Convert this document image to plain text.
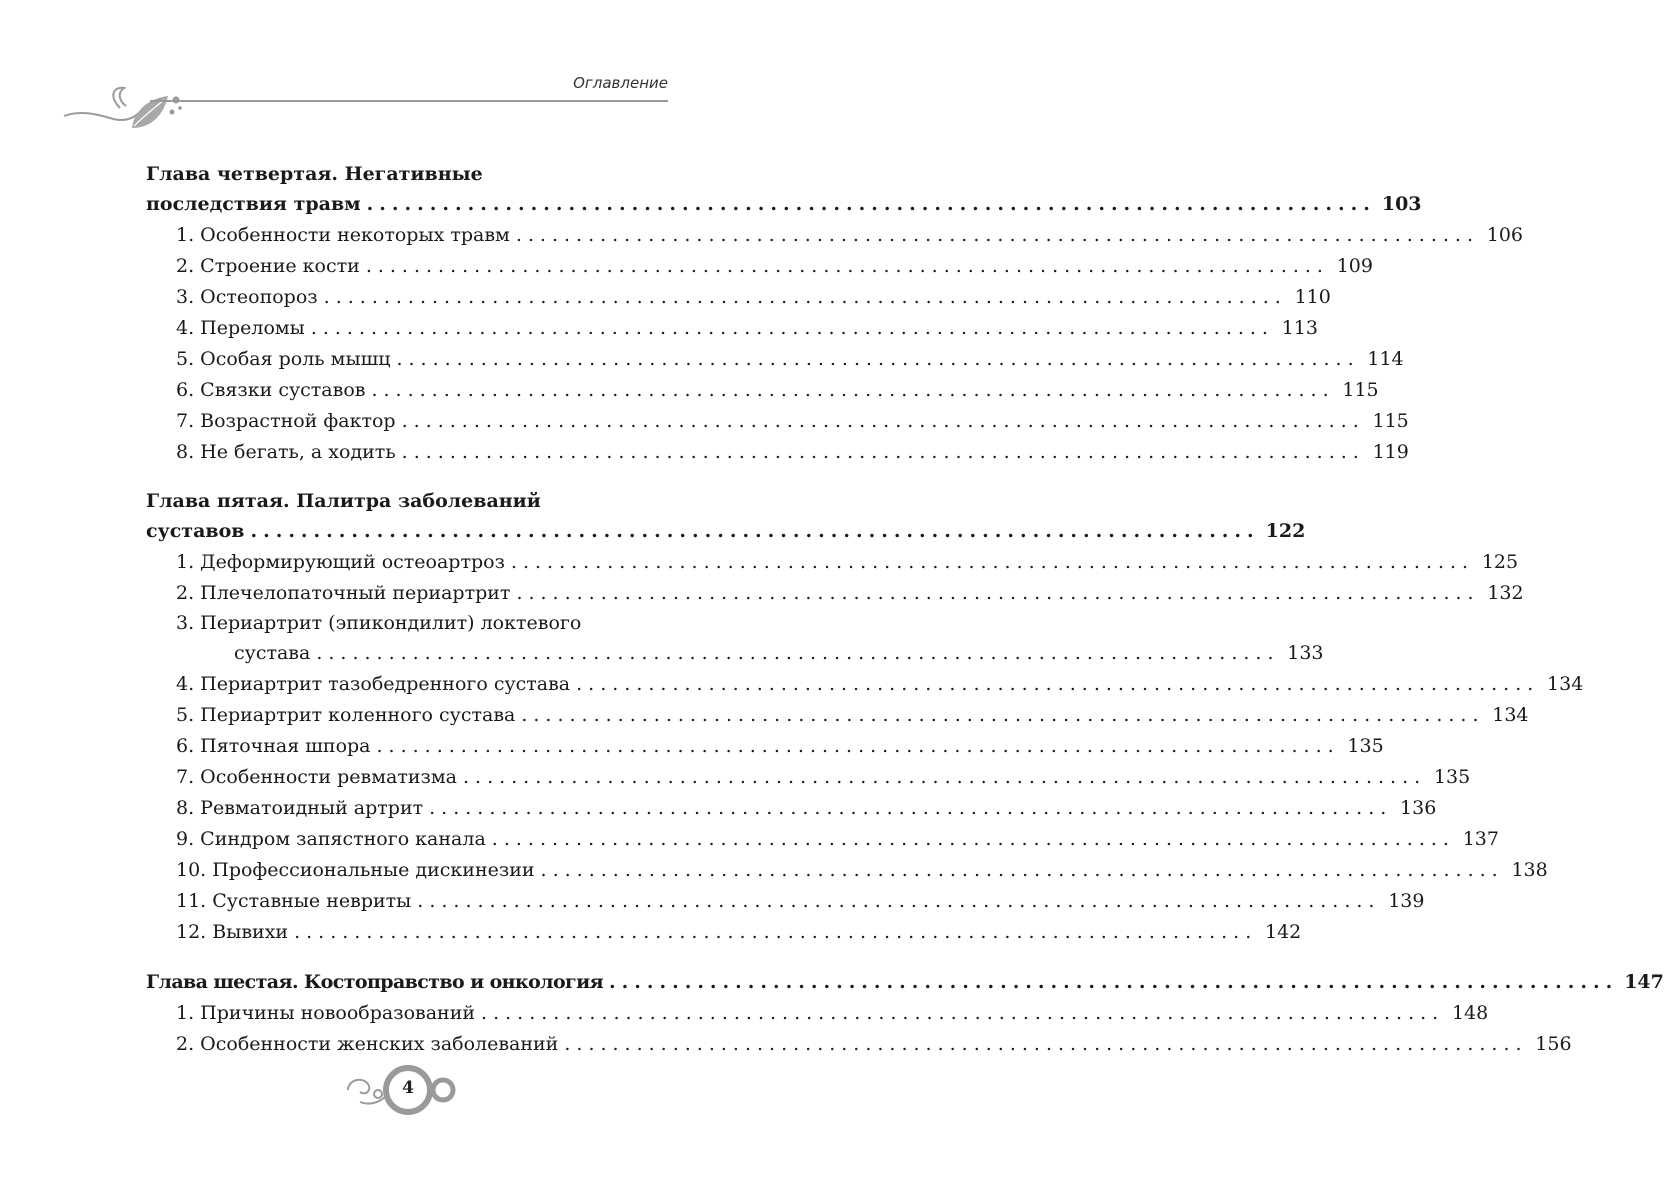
Оглавление
Глава четвертая. Негативные
последствия травм ................................................................................ 103
1. Особенности некоторых травм ................................................................................ 106
2. Строение кости ................................................................................ 109
3. Остеопороз ................................................................................ 110
4. Переломы ................................................................................ 113
5. Особая роль мышц ................................................................................ 114
6. Связки суставов ................................................................................ 115
7. Возрастной фактор ................................................................................ 115
8. Не бегать, а ходить ................................................................................ 119
Глава пятая. Палитра заболеваний
суставов ................................................................................ 122
1. Деформирующий остеоартроз ................................................................................ 125
2. Плечелопаточный периартрит ................................................................................ 132
3. Периартрит (эпикондилит) локтевого
сустава ................................................................................ 133
4. Периартрит тазобедренного сустава ................................................................................ 134
5. Периартрит коленного сустава ................................................................................ 134
6. Пяточная шпора ................................................................................ 135
7. Особенности ревматизма ................................................................................ 135
8. Ревматоидный артрит ................................................................................ 136
9. Синдром запястного канала ................................................................................ 137
10. Профессиональные дискинезии ................................................................................ 138
11. Суставные невриты ................................................................................ 139
12. Вывихи ................................................................................ 142
Глава шестая. Костоправство и онкология ................................................................................ 147
1. Причины новообразований ................................................................................ 148
2. Особенности женских заболеваний ................................................................................ 156
4
